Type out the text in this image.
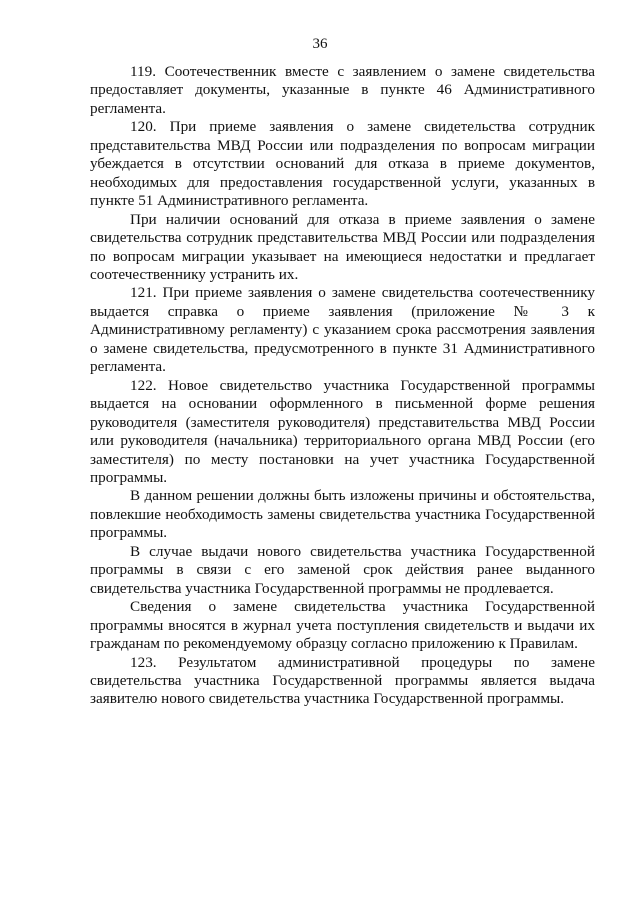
36

119. Соотечественник вместе с заявлением о замене свидетельства предоставляет документы, указанные в пункте 46 Административного регламента.

120. При приеме заявления о замене свидетельства сотрудник представительства МВД России или подразделения по вопросам миграции убеждается в отсутствии оснований для отказа в приеме документов, необходимых для предоставления государственной услуги, указанных в пункте 51 Административного регламента.

При наличии оснований для отказа в приеме заявления о замене свидетельства сотрудник представительства МВД России или подразделения по вопросам миграции указывает на имеющиеся недостатки и предлагает соотечественнику устранить их.

121. При приеме заявления о замене свидетельства соотечественнику выдается справка о приеме заявления (приложение № 3 к Административному регламенту) с указанием срока рассмотрения заявления о замене свидетельства, предусмотренного в пункте 31 Административного регламента.

122. Новое свидетельство участника Государственной программы выдается на основании оформленного в письменной форме решения руководителя (заместителя руководителя) представительства МВД России или руководителя (начальника) территориального органа МВД России (его заместителя) по месту постановки на учет участника Государственной программы.

В данном решении должны быть изложены причины и обстоятельства, повлекшие необходимость замены свидетельства участника Государственной программы.

В случае выдачи нового свидетельства участника Государственной программы в связи с его заменой срок действия ранее выданного свидетельства участника Государственной программы не продлевается.

Сведения о замене свидетельства участника Государственной программы вносятся в журнал учета поступления свидетельств и выдачи их гражданам по рекомендуемому образцу согласно приложению к Правилам.

123. Результатом административной процедуры по замене свидетельства участника Государственной программы является выдача заявителю нового свидетельства участника Государственной программы.
